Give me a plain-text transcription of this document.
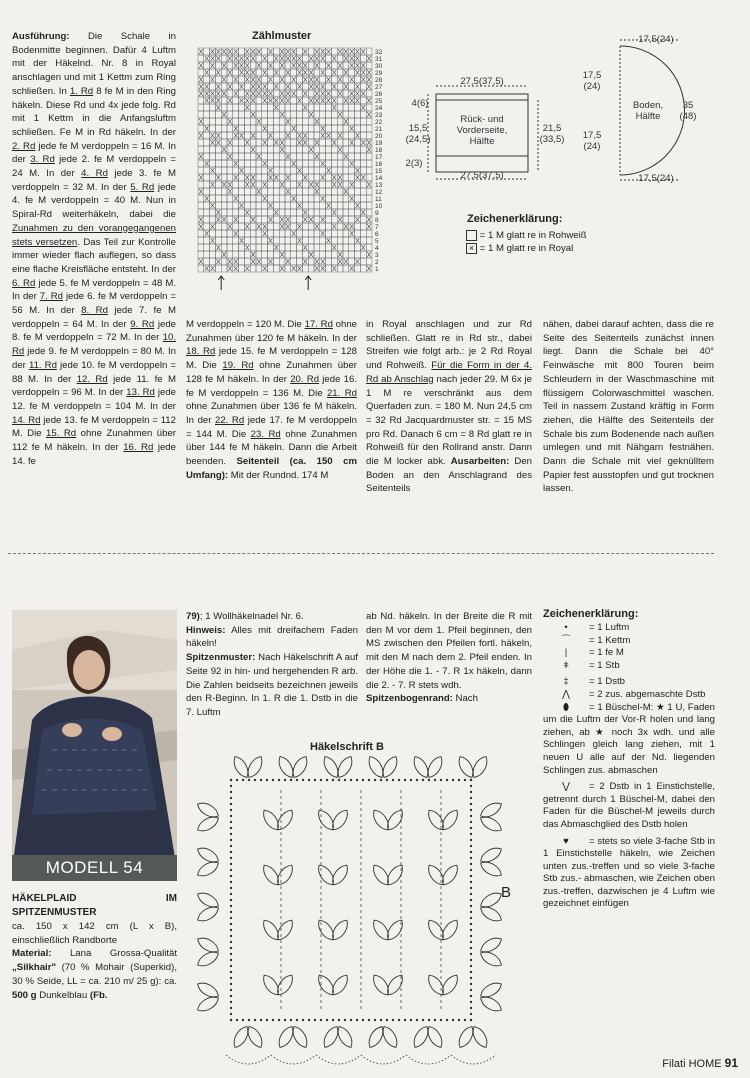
Ausführung: Die Schale in Bodenmitte beginnen. Dafür 4 Luftm mit der Häkelnd. Nr. 8 in Royal anschlagen und mit 1 Kettm zum Ring schließen. In 1. Rd 8 fe M in den Ring häkeln. Diese Rd und 4x jede folg. Rd mit 1 Kettm in die Anfangsluftm schließen. Fe M in Rd häkeln. In der 2. Rd jede fe M verdoppeln = 16 M. In der 3. Rd jede 2. fe M verdoppeln = 24 M. In der 4. Rd jede 3. fe M verdoppeln = 32 M. In der 5. Rd jede 4. fe M verdoppeln = 40 M. Nun in Spiral-Rd weiterhäkeln, dabei die Zunahmen zu den vorangegangenen stets versetzen. Das Teil zur Kontrolle immer wieder flach auflegen, so dass eine flache Kreisfläche entsteht. In der 6. Rd jede 5. fe M verdoppeln = 48 M. In der 7. Rd jede 6. fe M verdoppeln = 56 M. In der 8. Rd jede 7. fe M verdoppeln = 64 M. In der 9. Rd jede 8. fe M verdoppeln = 72 M. In der 10. Rd jede 9. fe M verdoppeln = 80 M. In der 11. Rd jede 10. fe M verdoppeln = 88 M. In der 12. Rd jede 11. fe M verdoppeln = 96 M. In der 13. Rd jede 12. fe M verdoppeln = 104 M. In der 14. Rd jede 13. fe M verdoppeln = 112 M. Die 15. Rd ohne Zunahmen über 112 fe M häkeln. In der 16. Rd jede 14. fe

Zählmuster
32
31
30
29
28
27
26
25
24
23
22
21
20
19
18
17
16
15
14
13
12
11
10
9
8
7
6
5
4
3
2
1
27,5(37,5)
27,5(37,5)
4(6)
2(3)
15,5 (24,5)
21,5 (33,5)
Rück- und Vorderseite, Hälfte
17,5(24)
17,5(24)
17,5 (24)
17,5 (24)
Boden, Hälfte
35 (48)
Zeichenerklärung:
= 1 M glatt re in Rohweiß
× = 1 M glatt re in Royal

M verdoppeln = 120 M. Die 17. Rd ohne Zunahmen über 120 fe M häkeln. In der 18. Rd jede 15. fe M verdoppeln = 128 M. Die 19. Rd ohne Zunahmen über 128 fe M häkeln. In der 20. Rd jede 16. fe M verdoppeln = 136 M. Die 21. Rd ohne Zunahmen über 136 fe M häkeln. In der 22. Rd jede 17. fe M verdoppeln = 144 M. Die 23. Rd ohne Zunahmen über 144 fe M häkeln. Dann die Arbeit beenden. Seitenteil (ca. 150 cm Umfang): Mit der Rundnd. 174 M

in Royal anschlagen und zur Rd schließen. Glatt re in Rd str., dabei Streifen wie folgt arb.: je 2 Rd Royal und Rohweiß. Für die Form in der 4. Rd ab Anschlag nach jeder 29. M 6x je 1 M re verschränkt aus dem Querfaden zun. = 180 M. Nun 24,5 cm = 32 Rd Jacquardmuster str. = 15 MS pro Rd. Danach 6 cm = 8 Rd glatt re in Rohweiß für den Rollrand anstr. Dann die M locker abk. Ausarbeiten: Den Boden an den Anschlagrand des Seitenteils

nähen, dabei darauf achten, dass die re Seite des Seitenteils zunächst innen liegt. Dann die Schale bei 40° Feinwäsche mit 800 Touren beim Schleudern in der Waschmaschine mit flüssigem Colorwaschmittel waschen. Teil in nassem Zustand kräftig in Form ziehen, die Hälfte des Seitenteils der Schale bis zum Bodenende nach außen umlegen und mit Nähgarn festnähen. Dann die Schale mit viel geknülltem Papier fest ausstopfen und gut trocknen lassen.

MODELL 54

HÄKELPLAID IM SPITZENMUSTER

ca. 150 x 142 cm (L x B), einschließlich Randborte

Material: Lana Grossa-Qualität „Silkhair" (70 % Mohair (Superkid), 30 % Seide, LL = ca. 210 m/ 25 g): ca. 500 g Dunkelblau (Fb.

79); 1 Wollhäkelnadel Nr. 6.
Hinweis: Alles mit dreifachem Faden häkeln!
Spitzenmuster: Nach Häkelschrift A auf Seite 92 in hin- und hergehenden R arb. Die Zahlen beidseits bezeichnen jeweils den R-Beginn. In 1. R die 1. Dstb in die 7. Luftm

ab Nd. häkeln. In der Breite die R mit den M vor dem 1. Pfeil beginnen, den MS zwischen den Pfeilen fortl. häkeln, mit den M nach dem 2. Pfeil enden. In der Höhe die 1. - 7. R 1x häkeln, dann die 2. - 7. R stets wdh.
Spitzenbogenrand: Nach

Häkelschrift B
B
Zeichenerklärung:

• = 1 Luftm

⌒ = 1 Kettm

| = 1 fe M

ǂ = 1 Stb

‡ = 1 Dstb

⋀ = 2 zus. abgemaschte Dstb

⬮ = 1 Büschel-M: ★ 1 U, Faden um die Luftm der Vor-R holen und lang ziehen, ab ★ noch 3x wdh. und alle Schlingen gleich lang ziehen, mit 1 neuen U alle auf der Nd. liegenden Schlingen zus. abmaschen

⋁ = 2 Dstb in 1 Einstichstelle, getrennt durch 1 Büschel-M, dabei den Faden für die Büschel-M jeweils durch das Abmaschglied des Dstb holen

♥ = stets so viele 3-fache Stb in 1 Einstichstelle häkeln, wie Zeichen unten zus.-treffen und so viele 3-fache Stb zus.- abmaschen, wie Zeichen oben zus.-treffen, dazwischen je 4 Luftm wie gezeichnet einfügen

Filati HOME 91
